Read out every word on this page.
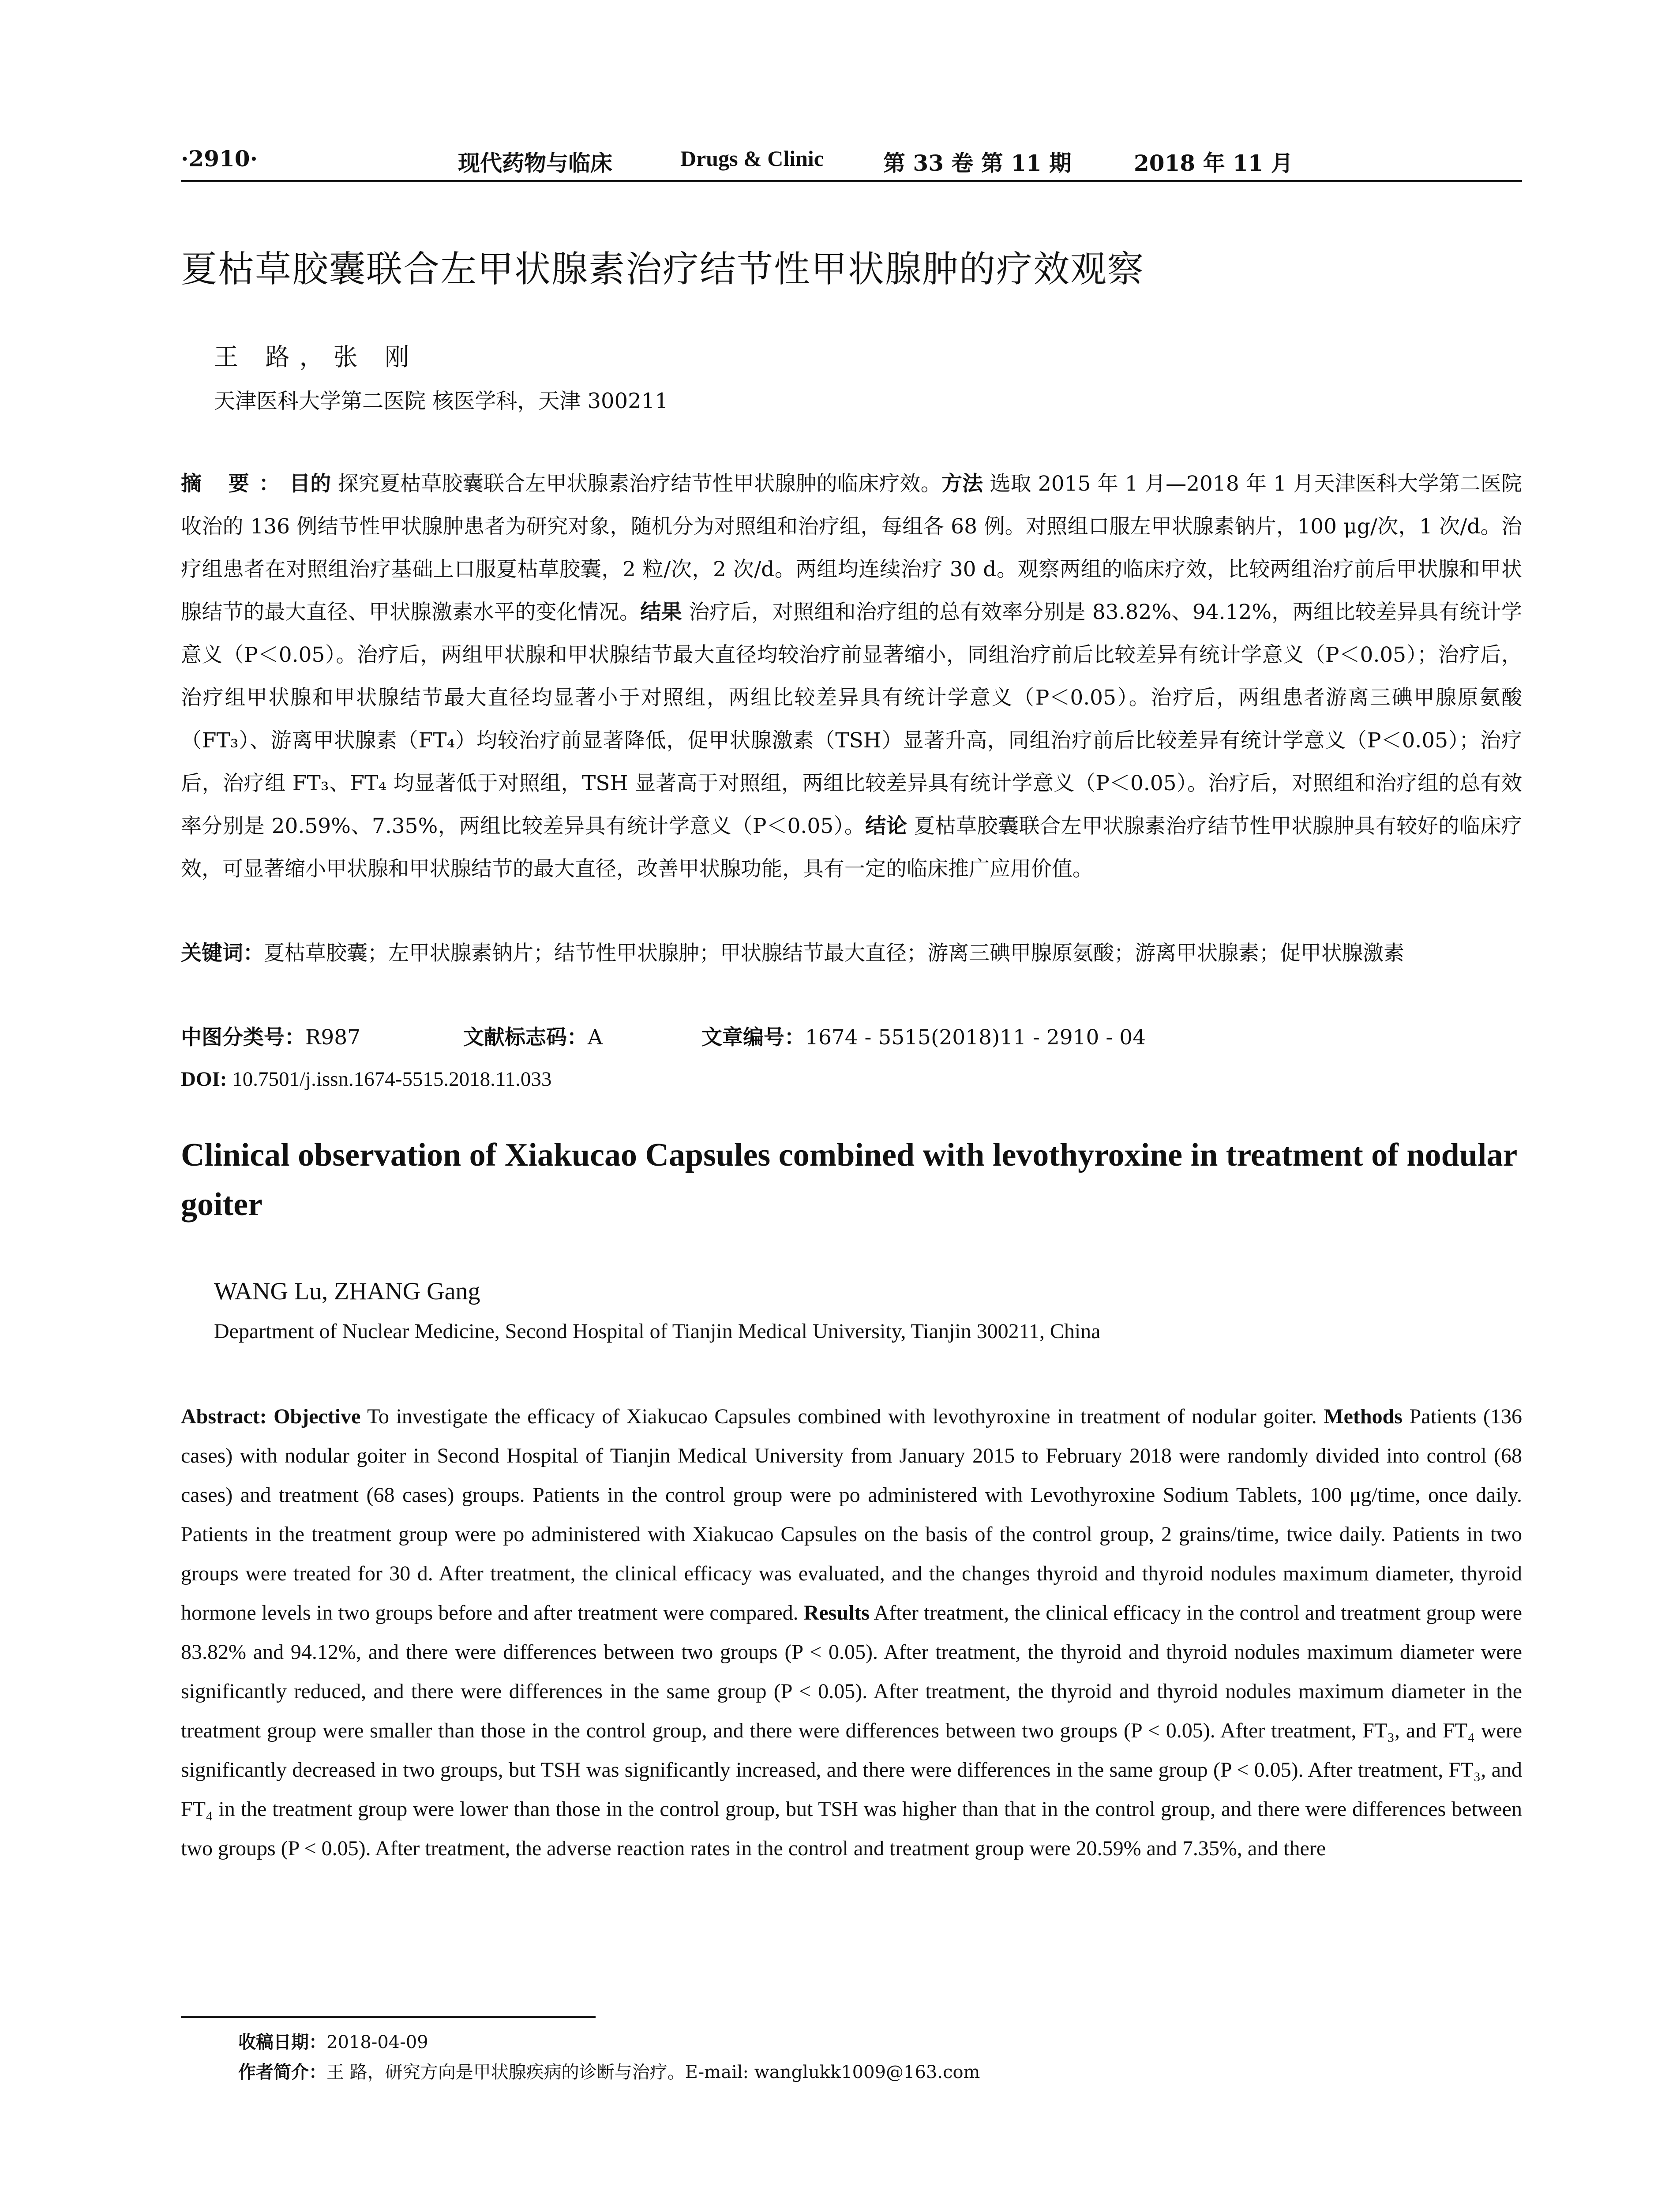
·2910·	现代药物与临床	Drugs & Clinic	第 33 卷 第 11 期	2018 年 11 月
夏枯草胶囊联合左甲状腺素治疗结节性甲状腺肿的疗效观察
王 路，张 刚
天津医科大学第二医院 核医学科，天津 300211
摘 要：目的 探究夏枯草胶囊联合左甲状腺素治疗结节性甲状腺肿的临床疗效。方法 选取 2015 年 1 月—2018 年 1 月天津医科大学第二医院收治的 136 例结节性甲状腺肿患者为研究对象，随机分为对照组和治疗组，每组各 68 例。对照组口服左甲状腺素钠片，100 μg/次，1 次/d。治疗组患者在对照组治疗基础上口服夏枯草胶囊，2 粒/次，2 次/d。两组均连续治疗 30 d。观察两组的临床疗效，比较两组治疗前后甲状腺和甲状腺结节的最大直径、甲状腺激素水平的变化情况。结果 治疗后，对照组和治疗组的总有效率分别是 83.82%、94.12%，两组比较差异具有统计学意义（P＜0.05）。治疗后，两组甲状腺和甲状腺结节最大直径均较治疗前显著缩小，同组治疗前后比较差异有统计学意义（P＜0.05）；治疗后，治疗组甲状腺和甲状腺结节最大直径均显著小于对照组，两组比较差异具有统计学意义（P＜0.05）。治疗后，两组患者游离三碘甲腺原氨酸（FT₃）、游离甲状腺素（FT₄）均较治疗前显著降低，促甲状腺激素（TSH）显著升高，同组治疗前后比较差异有统计学意义（P＜0.05）；治疗后，治疗组 FT₃、FT₄ 均显著低于对照组，TSH 显著高于对照组，两组比较差异具有统计学意义（P＜0.05）。治疗后，对照组和治疗组的总有效率分别是 20.59%、7.35%，两组比较差异具有统计学意义（P＜0.05）。结论 夏枯草胶囊联合左甲状腺素治疗结节性甲状腺肿具有较好的临床疗效，可显著缩小甲状腺和甲状腺结节的最大直径，改善甲状腺功能，具有一定的临床推广应用价值。
关键词：夏枯草胶囊；左甲状腺素钠片；结节性甲状腺肿；甲状腺结节最大直径；游离三碘甲腺原氨酸；游离甲状腺素；促甲状腺激素
中图分类号：R987	文献标志码：A	文章编号：1674 - 5515(2018)11 - 2910 - 04
DOI: 10.7501/j.issn.1674-5515.2018.11.033
Clinical observation of Xiakucao Capsules combined with levothyroxine in treatment of nodular goiter
WANG Lu, ZHANG Gang
Department of Nuclear Medicine, Second Hospital of Tianjin Medical University, Tianjin 300211, China
Abstract: Objective To investigate the efficacy of Xiakucao Capsules combined with levothyroxine in treatment of nodular goiter. Methods Patients (136 cases) with nodular goiter in Second Hospital of Tianjin Medical University from January 2015 to February 2018 were randomly divided into control (68 cases) and treatment (68 cases) groups. Patients in the control group were po administered with Levothyroxine Sodium Tablets, 100 μg/time, once daily. Patients in the treatment group were po administered with Xiakucao Capsules on the basis of the control group, 2 grains/time, twice daily. Patients in two groups were treated for 30 d. After treatment, the clinical efficacy was evaluated, and the changes thyroid and thyroid nodules maximum diameter, thyroid hormone levels in two groups before and after treatment were compared. Results After treatment, the clinical efficacy in the control and treatment group were 83.82% and 94.12%, and there were differences between two groups (P < 0.05). After treatment, the thyroid and thyroid nodules maximum diameter were significantly reduced, and there were differences in the same group (P < 0.05). After treatment, the thyroid and thyroid nodules maximum diameter in the treatment group were smaller than those in the control group, and there were differences between two groups (P < 0.05). After treatment, FT₃, and FT₄ were significantly decreased in two groups, but TSH was significantly increased, and there were differences in the same group (P < 0.05). After treatment, FT₃, and FT₄ in the treatment group were lower than those in the control group, but TSH was higher than that in the control group, and there were differences between two groups (P < 0.05). After treatment, the adverse reaction rates in the control and treatment group were 20.59% and 7.35%, and there
收稿日期：2018-04-09
作者简介：王 路，研究方向是甲状腺疾病的诊断与治疗。E-mail: wanglukk1009@163.com
